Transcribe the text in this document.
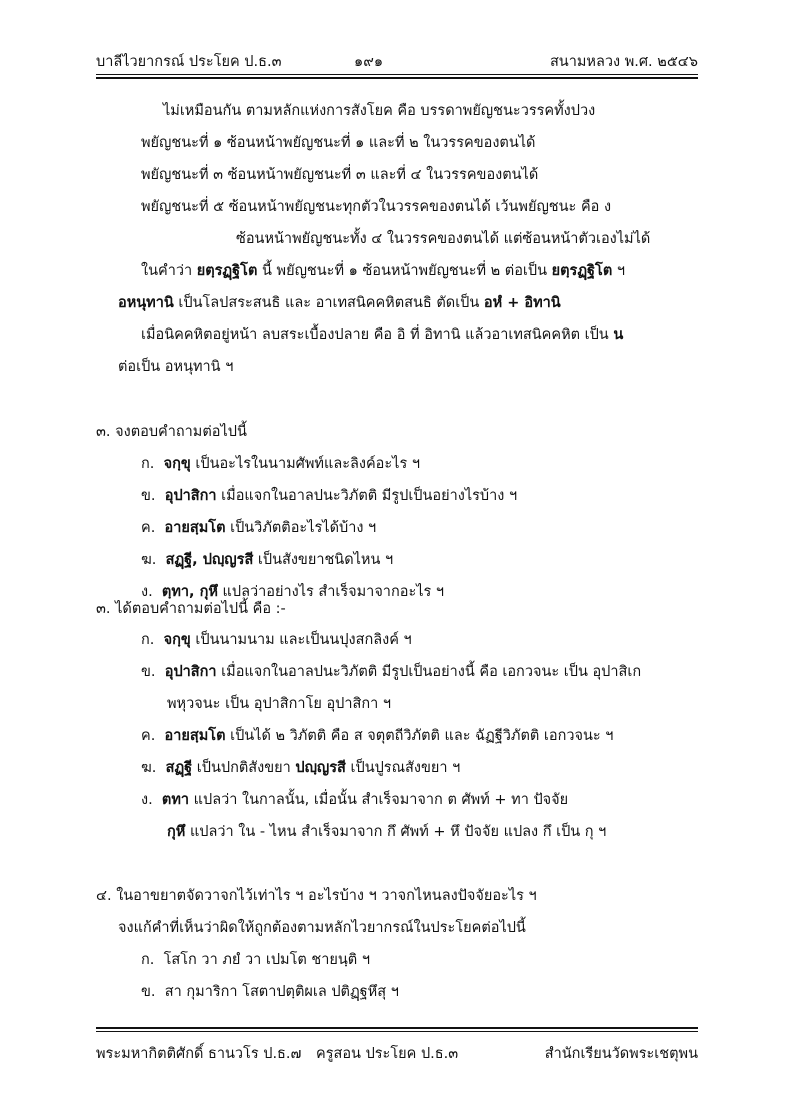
บาลีไวยากรณ์ ประโยค ป.ธ.๓	๑๙๑	สนามหลวง พ.ศ. ๒๕๔๖
ไม่เหมือนกัน ตามหลักแห่งการสังโยค คือ บรรดาพยัญชนะวรรคทั้งปวง
พยัญชนะที่ ๑ ซ้อนหน้าพยัญชนะที่ ๑ และที่ ๒ ในวรรคของตนได้
พยัญชนะที่ ๓ ซ้อนหน้าพยัญชนะที่ ๓ และที่ ๔ ในวรรคของตนได้
พยัญชนะที่ ๕ ซ้อนหน้าพยัญชนะทุกตัวในวรรคของตนได้ เว้นพยัญชนะ คือ ง
ซ้อนหน้าพยัญชนะทั้ง ๔ ในวรรคของตนได้ แต่ซ้อนหน้าตัวเองไม่ได้
ในคำว่า ยตฺรฏฺฐิโต นี้ พยัญชนะที่ ๑ ซ้อนหน้าพยัญชนะที่ ๒ ต่อเป็น ยตฺรฏฺฐิโต ฯ
อหนุทานิ เป็นโลปสระสนธิ และ อาเทสนิคคหิตสนธิ ตัดเป็น อหํ + อิทานิ
เมื่อนิคคหิตอยู่หน้า ลบสระเบื้องปลาย คือ อิ ที่ อิทานิ แล้วอาเทสนิคคหิต เป็น น
ต่อเป็น อหนุทานิ ฯ
๓. จงตอบคำถามต่อไปนี้
ก. จกฺขุ เป็นอะไรในนามศัพท์และลิงค์อะไร ฯ
ข. อุปาสิกา เมื่อแจกในอาลปนะวิภัตติ มีรูปเป็นอย่างไรบ้าง ฯ
ค. อายสฺมโต เป็นวิภัตติอะไรได้บ้าง ฯ
ฆ. สฏฺฐี, ปญฺญรสี เป็นสังขยาชนิดไหน ฯ
ง. ตฺทา, กุหึ แปลว่าอย่างไร สำเร็จมาจากอะไร ฯ
๓. ได้ตอบคำถามต่อไปนี้ คือ :-
ก. จกฺขุ เป็นนามนาม และเป็นนปุงสกลิงค์ ฯ
ข. อุปาสิกา เมื่อแจกในอาลปนะวิภัตติ มีรูปเป็นอย่างนี้ คือ เอกวจนะ เป็น อุปาสิเก
พหุวจนะ เป็น อุปาสิกาโย อุปาสิกา ฯ
ค. อายสฺมโต เป็นได้ ๒ วิภัตติ คือ ส จตุตถีวิภัตติ และ ฉัฏฐีวิภัตติ เอกวจนะ ฯ
ฆ. สฏฺฐี เป็นปกติสังขยา ปญฺญรสี เป็นปูรณสังขยา ฯ
ง. ตทา แปลว่า ในกาลนั้น, เมื่อนั้น สำเร็จมาจาก ต ศัพท์ + ทา ปัจจัย
กุหึ แปลว่า ใน - ไหน สำเร็จมาจาก กึ ศัพท์ + หึ ปัจจัย แปลง กึ เป็น กุ ฯ
๔. ในอาขยาตจัดวาจกไว้เท่าไร ฯ อะไรบ้าง ฯ วาจกไหนลงปัจจัยอะไร ฯ
จงแก้คำที่เห็นว่าผิดให้ถูกต้องตามหลักไวยากรณ์ในประโยคต่อไปนี้
ก. โสโก วา ภยํ วา เปมโต ชายนฺติ ฯ
ข. สา กุมาริกา โสตาปตฺติผเล ปติฏฺฐหึสุ ฯ
พระมหากิตติศักดิ์ ธานวโร ป.ธ.๗ ครูสอน ประโยค ป.ธ.๓	สำนักเรียนวัดพระเชตุพน
